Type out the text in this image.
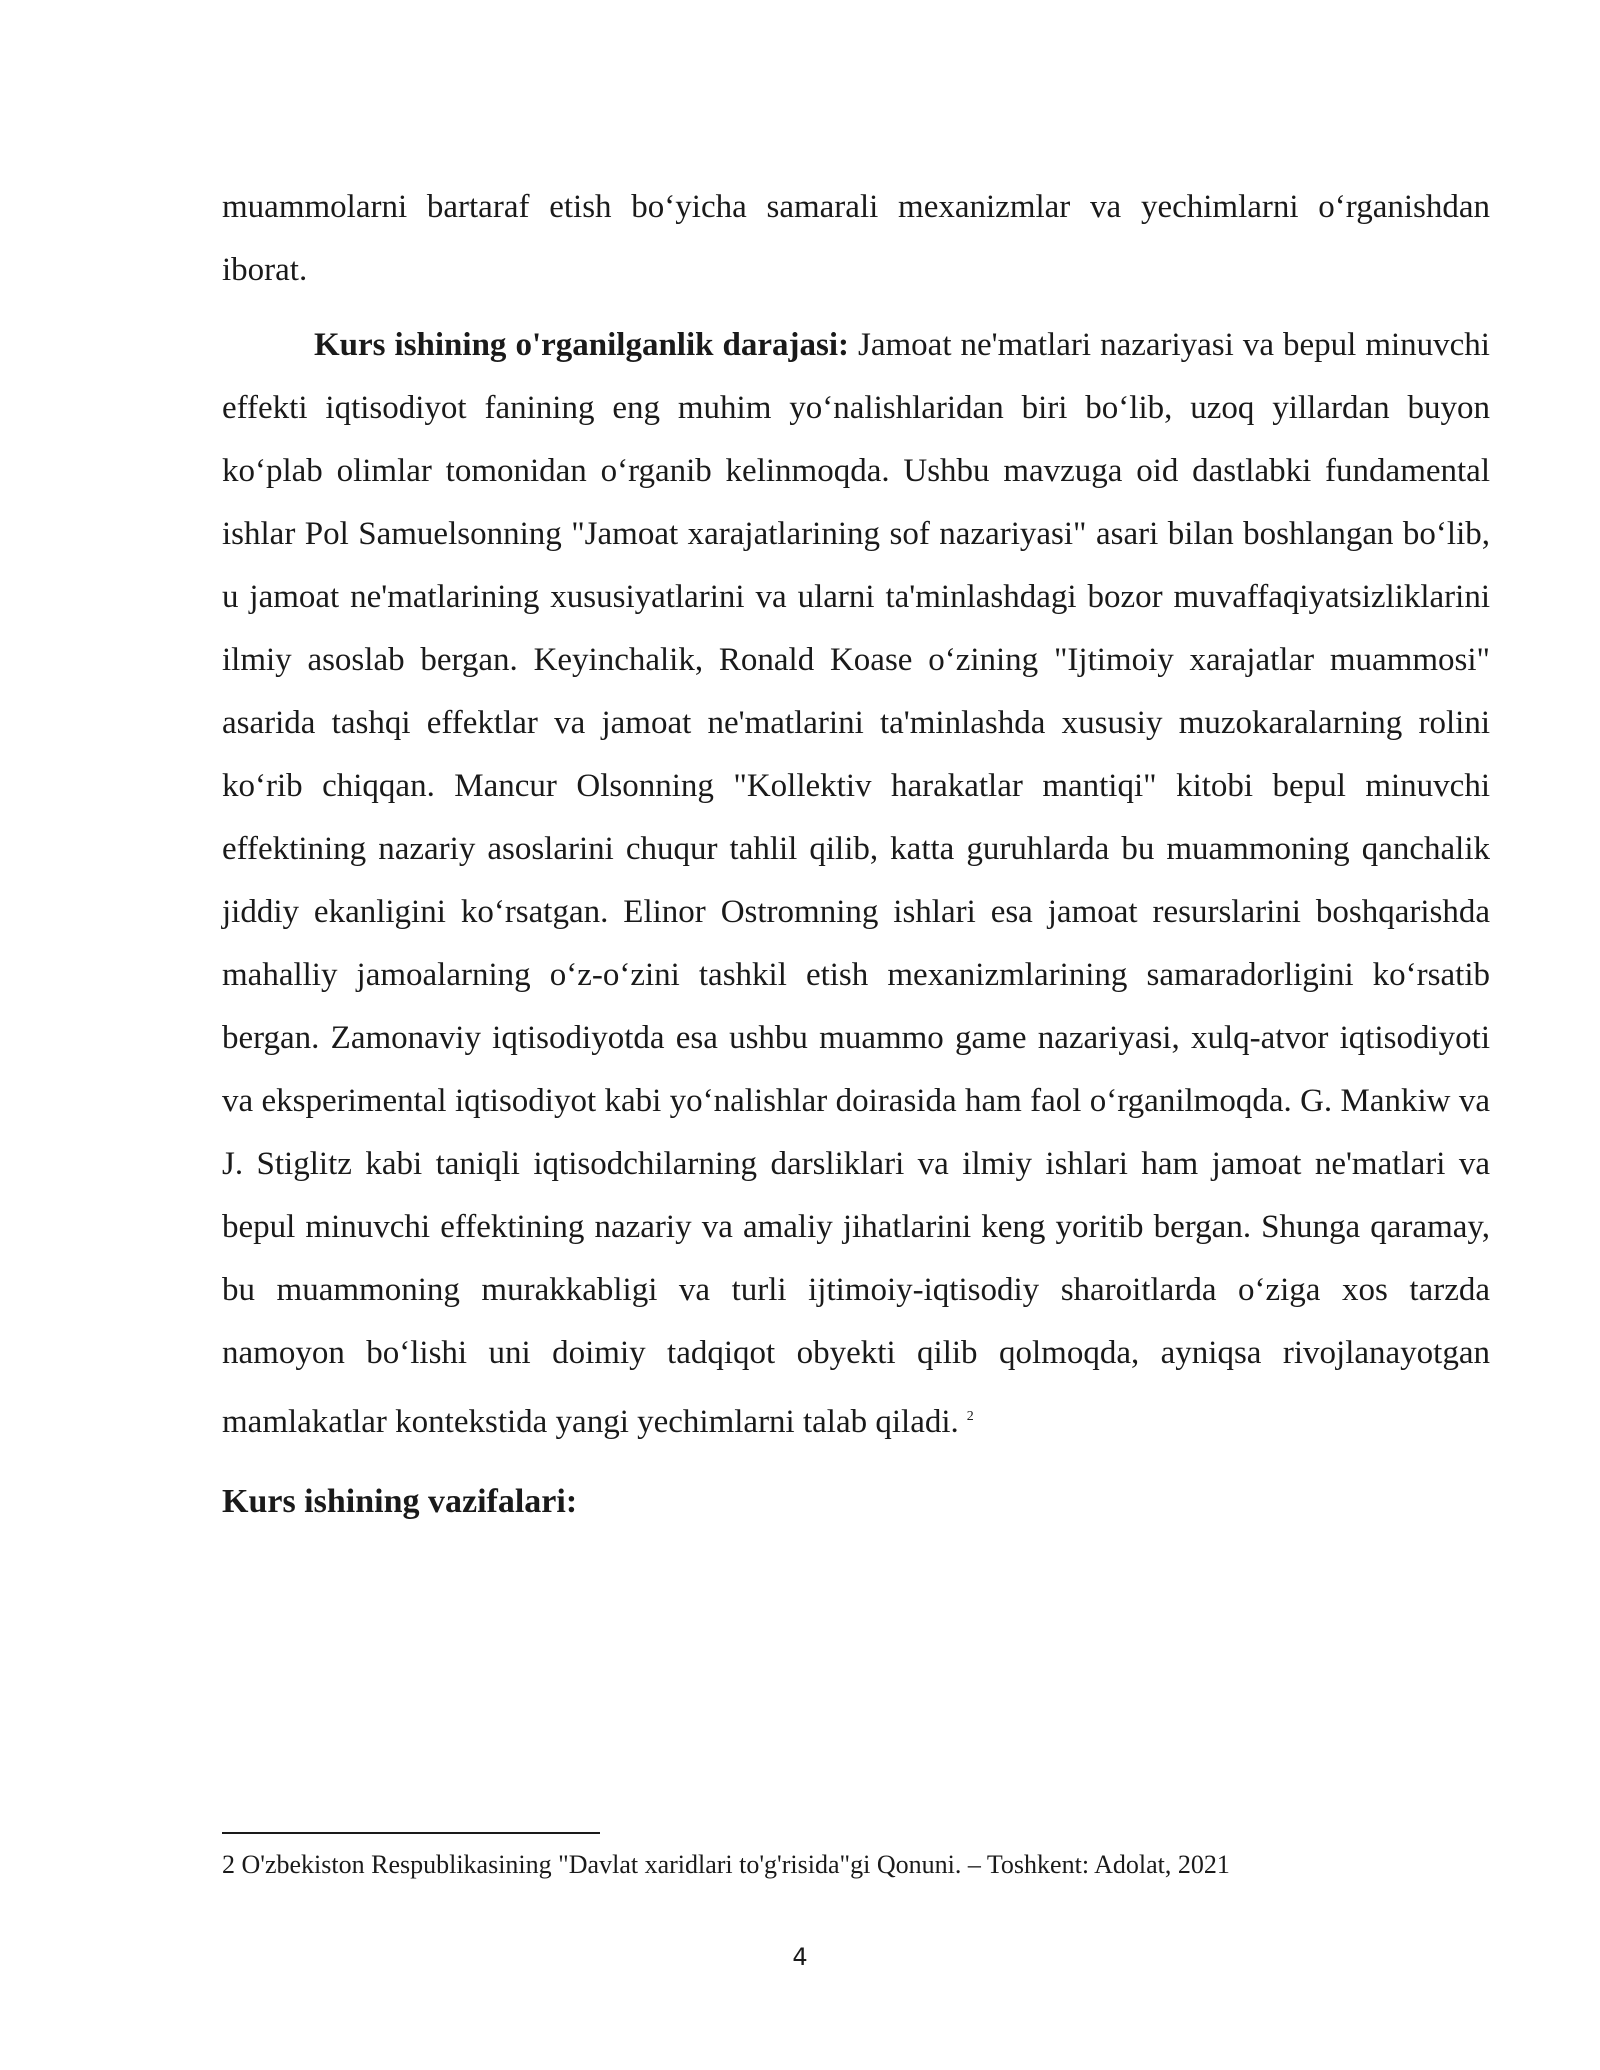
muammolarni bartaraf etish bo‘yicha samarali mexanizmlar va yechimlarni o‘rganishdan iborat.

Kurs ishining o'rganilganlik darajasi: Jamoat ne'matlari nazariyasi va bepul minuvchi effekti iqtisodiyot fanining eng muhim yo‘nalishlaridan biri bo‘lib, uzoq yillardan buyon ko‘plab olimlar tomonidan o‘rganib kelinmoqda. Ushbu mavzuga oid dastlabki fundamental ishlar Pol Samuelsonning "Jamoat xarajatlarining sof nazariyasi" asari bilan boshlangan bo‘lib, u jamoat ne'matlarining xususiyatlarini va ularni ta'minlashdagi bozor muvaffaqiyatsizliklarini ilmiy asoslab bergan. Keyinchalik, Ronald Koase o‘zining "Ijtimoiy xarajatlar muammosi" asarida tashqi effektlar va jamoat ne'matlarini ta'minlashda xususiy muzokaralarning rolini ko‘rib chiqqan. Mancur Olsonning "Kollektiv harakatlar mantiqi" kitobi bepul minuvchi effektining nazariy asoslarini chuqur tahlil qilib, katta guruhlarda bu muammoning qanchalik jiddiy ekanligini ko‘rsatgan. Elinor Ostromning ishlari esa jamoat resurslarini boshqarishda mahalliy jamoalarning o‘z-o‘zini tashkil etish mexanizmlarining samaradorligini ko‘rsatib bergan. Zamonaviy iqtisodiyotda esa ushbu muammo game nazariyasi, xulq-atvor iqtisodiyoti va eksperimental iqtisodiyot kabi yo‘nalishlar doirasida ham faol o‘rganilmoqda. G. Mankiw va J. Stiglitz kabi taniqli iqtisodchilarning darsliklari va ilmiy ishlari ham jamoat ne'matlari va bepul minuvchi effektining nazariy va amaliy jihatlarini keng yoritib bergan. Shunga qaramay, bu muammoning murakkabligi va turli ijtimoiy-iqtisodiy sharoitlarda o‘ziga xos tarzda namoyon bo‘lishi uni doimiy tadqiqot obyekti qilib qolmoqda, ayniqsa rivojlanayotgan mamlakatlar kontekstida yangi yechimlarni talab qiladi. $^2$

Kurs ishining vazifalari:

2 O'zbekiston Respublikasining "Davlat xaridlari to'g'risida"gi Qonuni. – Toshkent: Adolat, 2021
4
